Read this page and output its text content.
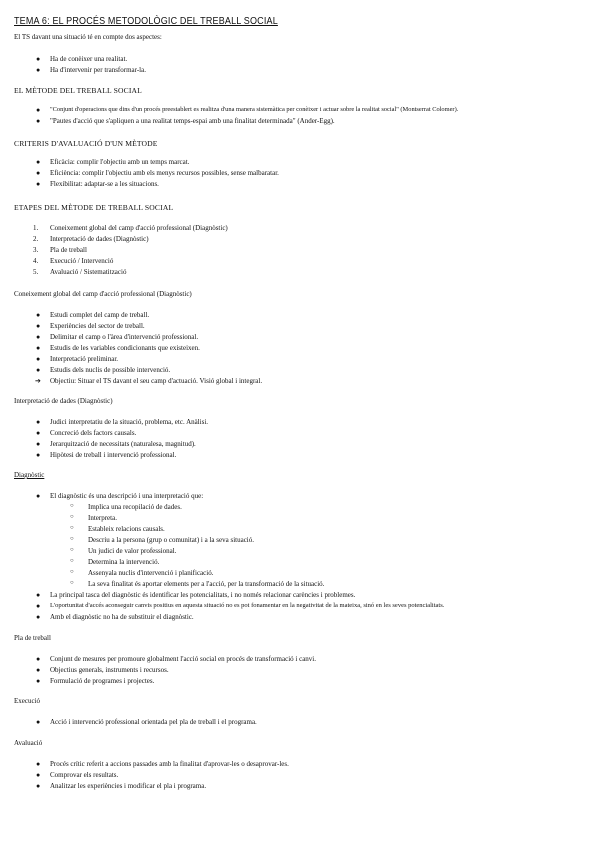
TEMA 6: EL PROCÉS METODOLÒGIC DEL TREBALL SOCIAL
El TS davant una situació té en compte dos aspectes:
●	Ha de conèixer una realitat.
●	Ha d'intervenir per transformar-la.
EL MÈTODE DEL TREBALL SOCIAL
●	"Conjunt d'operacions que dins d'un procés preestablert es realitza d'una manera sistemàtica per conèixer i actuar sobre la realitat social" (Montserrat Colomer).
●	"Pautes d'acció que s'apliquen a una realitat temps-espai amb una finalitat determinada" (Ander-Egg).
CRITERIS D'AVALUACIÓ D'UN MÈTODE
●	Eficàcia: complir l'objectiu amb un temps marcat.
●	Eficiència: complir l'objectiu amb els menys recursos possibles, sense malbaratar.
●	Flexibilitat: adaptar-se a les situacions.
ETAPES DEL MÈTODE DE TREBALL SOCIAL
1.	Coneixement global del camp d'acció professional (Diagnòstic)
2.	Interpretació de dades (Diagnòstic)
3.	Pla de treball
4.	Execució / Intervenció
5.	Avaluació / Sistematització
Coneixement global del camp d'acció professional (Diagnòstic)
●	Estudi complet del camp de treball.
●	Experiències del sector de treball.
●	Delimitar el camp o l'àrea d'intervenció professional.
●	Estudis de les variables condicionants que existeixen.
●	Interpretació preliminar.
●	Estudis dels nuclis de possible intervenció.
➔	Objectiu: Situar el TS davant el seu camp d'actuació. Visió global i integral.
Interpretació de dades (Diagnòstic)
●	Judici interpretatiu de la situació, problema, etc. Anàlisi.
●	Concreció dels factors causals.
●	Jerarquització de necessitats (naturalesa, magnitud).
●	Hipòtesi de treball i intervenció professional.
Diagnòstic
●	El diagnòstic és una descripció i una interpretació que:
○	Implica una recopilació de dades.
○	Interpreta.
○	Estableix relacions causals.
○	Descriu a la persona (grup o comunitat) i a la seva situació.
○	Un judici de valor professional.
○	Determina la intervenció.
○	Assenyala nuclis d'intervenció i planificació.
○	La seva finalitat és aportar elements per a l'acció, per la transformació de la situació.
●	La principal tasca del diagnòstic és identificar les potencialitats, i no només relacionar carències i problemes.
●	L'oportunitat d'accés aconseguir canvis positius en aquesta situació no es pot fonamentar en la negativitat de la mateixa, sinó en les seves potencialitats.
●	Amb el diagnòstic no ha de substituir el diagnòstic.
Pla de treball
●	Conjunt de mesures per promoure globalment l'acció social en procés de transformació i canvi.
●	Objectius generals, instruments i recursos.
●	Formulació de programes i projectes.
Execució
●	Acció i intervenció professional orientada pel pla de treball i el programa.
Avaluació
●	Procés crític referit a accions passades amb la finalitat d'aprovar-les o desaprovar-les.
●	Comprovar els resultats.
●	Analitzar les experiències i modificar el pla i programa.
